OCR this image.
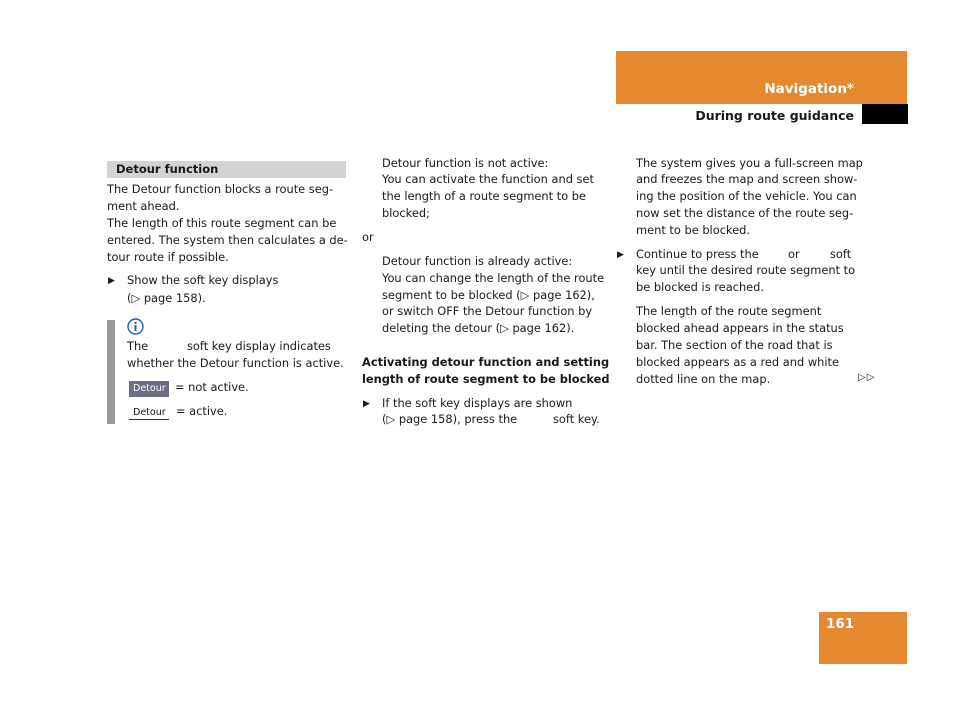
Navigation*
During route guidance
Detour function
The Detour function blocks a route seg-
ment ahead.
The length of this route segment can be
entered. The system then calculates a de-
tour route if possible.
▶ Show the soft key displays
(▷ page 158).
The	soft key display indicates
whether the Detour function is active.
Detour = not active.
Detour = active.
Detour function is not active:
You can activate the function and set
the length of a route segment to be
blocked;
or
Detour function is already active:
You can change the length of the route
segment to be blocked (▷ page 162),
or switch OFF the Detour function by
deleting the detour (▷ page 162).
Activating detour function and setting
length of route segment to be blocked
▶ If the soft key displays are shown
(▷ page 158), press the	soft key.
The system gives you a full-screen map
and freezes the map and screen show-
ing the position of the vehicle. You can
now set the distance of the route seg-
ment to be blocked.
▶ Continue to press the	or	soft
key until the desired route segment to
be blocked is reached.
The length of the route segment
blocked ahead appears in the status
bar. The section of the road that is
blocked appears as a red and white
dotted line on the map.	▷▷
161
